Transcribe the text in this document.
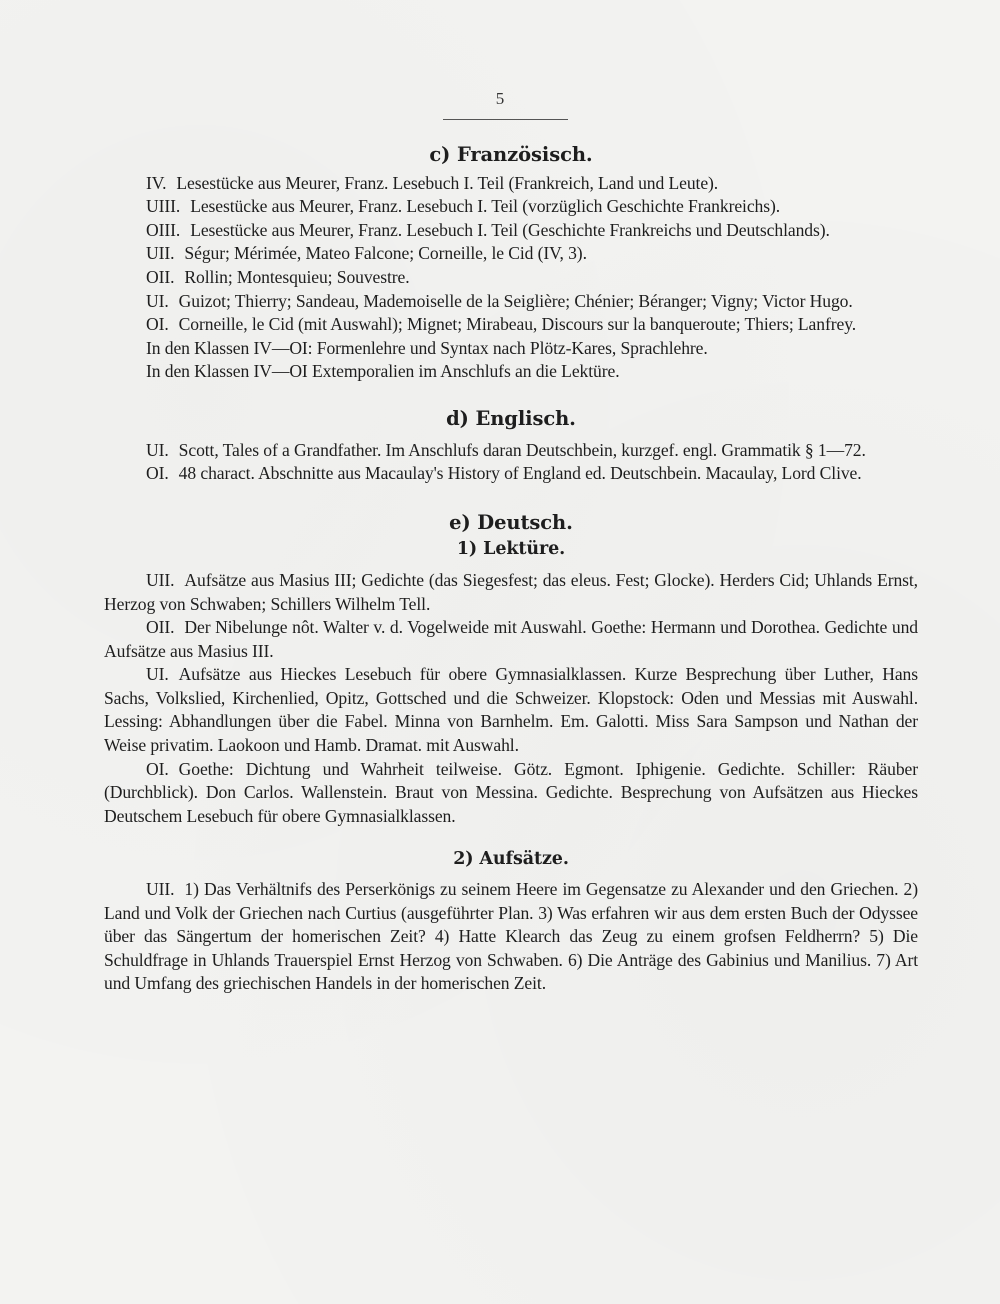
5
c) Französisch.

IV. Lesestücke aus Meurer, Franz. Lesebuch I. Teil (Frankreich, Land und Leute).

UIII. Lesestücke aus Meurer, Franz. Lesebuch I. Teil (vorzüglich Geschichte Frankreichs).

OIII. Lesestücke aus Meurer, Franz. Lesebuch I. Teil (Geschichte Frankreichs und Deutschlands).

UII. Ségur; Mérimée, Mateo Falcone; Corneille, le Cid (IV, 3).

OII. Rollin; Montesquieu; Souvestre.

UI. Guizot; Thierry; Sandeau, Mademoiselle de la Seiglière; Chénier; Béranger; Vigny; Victor Hugo.

OI. Corneille, le Cid (mit Auswahl); Mignet; Mirabeau, Discours sur la banqueroute; Thiers; Lanfrey.

In den Klassen IV—OI: Formenlehre und Syntax nach Plötz-Kares, Sprachlehre.

In den Klassen IV—OI Extemporalien im Anschlufs an die Lektüre.

d) Englisch.

UI. Scott, Tales of a Grandfather. Im Anschlufs daran Deutschbein, kurzgef. engl. Grammatik § 1—72.

OI. 48 charact. Abschnitte aus Macaulay's History of England ed. Deutschbein. Macaulay, Lord Clive.

e) Deutsch.
1) Lektüre.

UII. Aufsätze aus Masius III; Gedichte (das Siegesfest; das eleus. Fest; Glocke). Herders Cid; Uhlands Ernst, Herzog von Schwaben; Schillers Wilhelm Tell.

OII. Der Nibelunge nôt. Walter v. d. Vogelweide mit Auswahl. Goethe: Hermann und Dorothea. Gedichte und Aufsätze aus Masius III.

UI. Aufsätze aus Hieckes Lesebuch für obere Gymnasialklassen. Kurze Besprechung über Luther, Hans Sachs, Volkslied, Kirchenlied, Opitz, Gottsched und die Schweizer. Klopstock: Oden und Messias mit Auswahl. Lessing: Abhandlungen über die Fabel. Minna von Barnhelm. Em. Galotti. Miss Sara Sampson und Nathan der Weise privatim. Laokoon und Hamb. Dramat. mit Auswahl.

OI. Goethe: Dichtung und Wahrheit teilweise. Götz. Egmont. Iphigenie. Gedichte. Schiller: Räuber (Durchblick). Don Carlos. Wallenstein. Braut von Messina. Gedichte. Besprechung von Aufsätzen aus Hieckes Deutschem Lesebuch für obere Gymnasialklassen.

2) Aufsätze.

UII. 1) Das Verhältnifs des Perserkönigs zu seinem Heere im Gegensatze zu Alexander und den Griechen. 2) Land und Volk der Griechen nach Curtius (ausgeführter Plan. 3) Was erfahren wir aus dem ersten Buch der Odyssee über das Sängertum der homerischen Zeit? 4) Hatte Klearch das Zeug zu einem grofsen Feldherrn? 5) Die Schuldfrage in Uhlands Trauerspiel Ernst Herzog von Schwaben. 6) Die Anträge des Gabinius und Manilius. 7) Art und Umfang des griechischen Handels in der homerischen Zeit.
